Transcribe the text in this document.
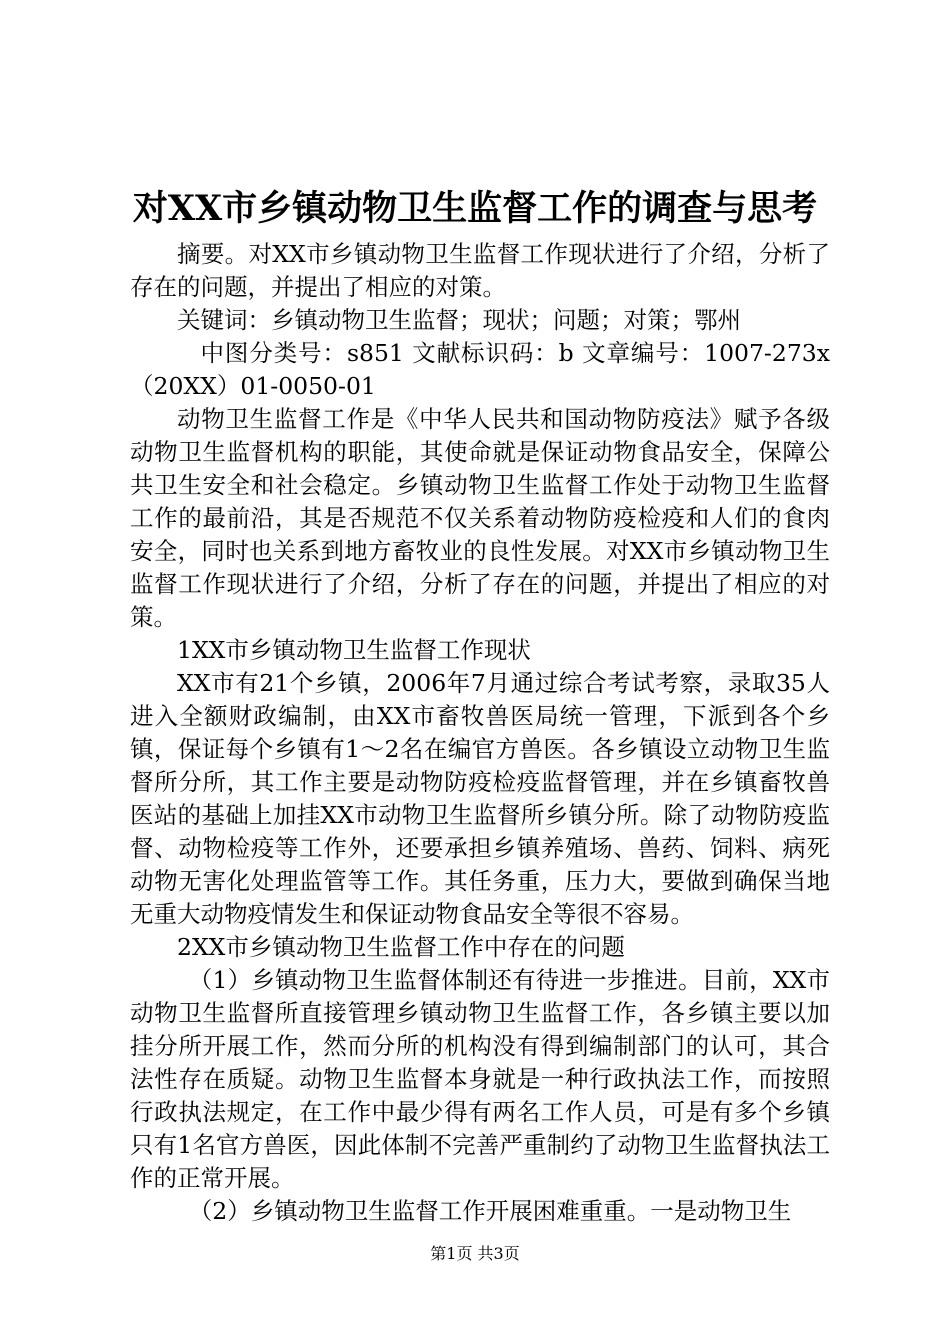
对XX市乡镇动物卫生监督工作的调查与思考

摘要。对XX市乡镇动物卫生监督工作现状进行了介绍，分析了存在的问题，并提出了相应的对策。

关键词：乡镇动物卫生监督；现状；问题；对策；鄂州

中图分类号：s851 文献标识码：b 文章编号：1007-273x（20XX）01-0050-01

动物卫生监督工作是《中华人民共和国动物防疫法》赋予各级动物卫生监督机构的职能，其使命就是保证动物食品安全，保障公共卫生安全和社会稳定。乡镇动物卫生监督工作处于动物卫生监督工作的最前沿，其是否规范不仅关系着动物防疫检疫和人们的食肉安全，同时也关系到地方畜牧业的良性发展。对XX市乡镇动物卫生监督工作现状进行了介绍，分析了存在的问题，并提出了相应的对策。

1XX市乡镇动物卫生监督工作现状

XX市有21个乡镇，2006年7月通过综合考试考察，录取35人进入全额财政编制，由XX市畜牧兽医局统一管理，下派到各个乡镇，保证每个乡镇有1～2名在编官方兽医。各乡镇设立动物卫生监督所分所，其工作主要是动物防疫检疫监督管理，并在乡镇畜牧兽医站的基础上加挂XX市动物卫生监督所乡镇分所。除了动物防疫监督、动物检疫等工作外，还要承担乡镇养殖场、兽药、饲料、病死动物无害化处理监管等工作。其任务重，压力大，要做到确保当地无重大动物疫情发生和保证动物食品安全等很不容易。

2XX市乡镇动物卫生监督工作中存在的问题

（1）乡镇动物卫生监督体制还有待进一步推进。目前，XX市动物卫生监督所直接管理乡镇动物卫生监督工作，各乡镇主要以加挂分所开展工作，然而分所的机构没有得到编制部门的认可，其合法性存在质疑。动物卫生监督本身就是一种行政执法工作，而按照行政执法规定，在工作中最少得有两名工作人员，可是有多个乡镇只有1名官方兽医，因此体制不完善严重制约了动物卫生监督执法工作的正常开展。

（2）乡镇动物卫生监督工作开展困难重重。一是动物卫生

第1页 共3页
